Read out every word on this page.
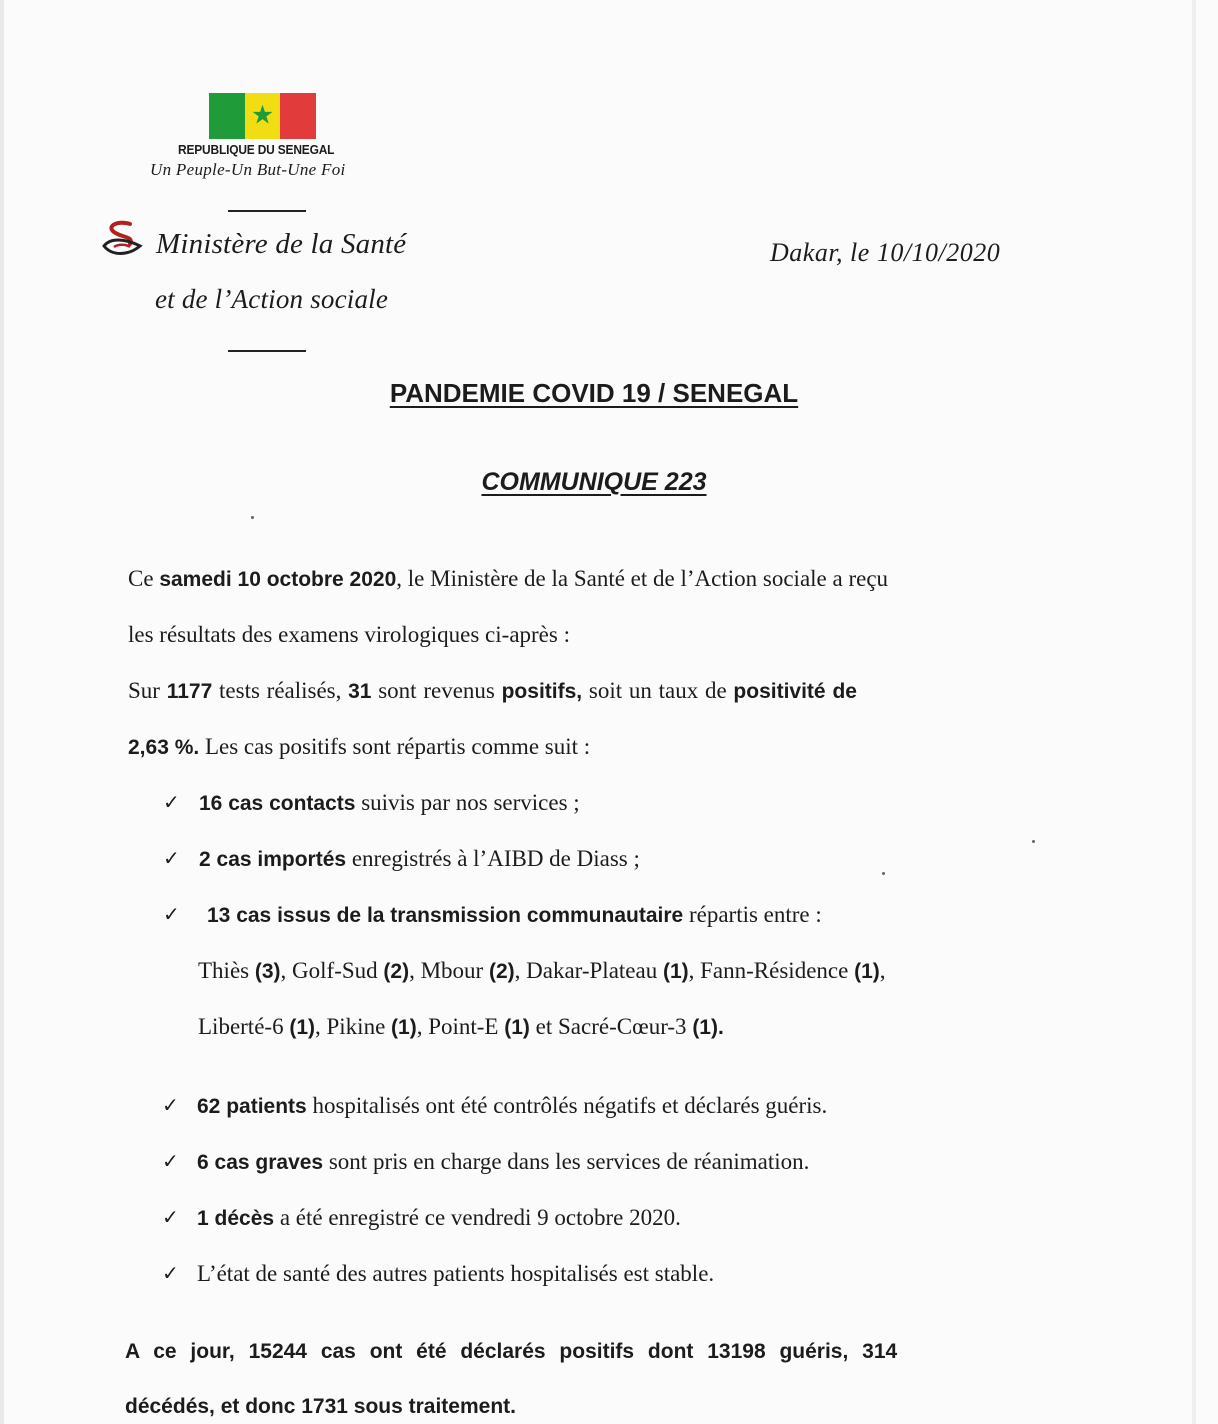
★
REPUBLIQUE DU SENEGAL
Un Peuple-Un But-Une Foi
Ministère de la Santé
et de l’Action sociale
Dakar, le 10/10/2020
PANDEMIE COVID 19 / SENEGAL
COMMUNIQUE 223
Ce samedi 10 octobre 2020, le Ministère de la Santé et de l’Action sociale a reçu
les résultats des examens virologiques ci-après :
Sur 1177 tests réalisés, 31 sont revenus positifs, soit un taux de positivité de
2,63 %. Les cas positifs sont répartis comme suit :
✓ 16 cas contacts suivis par nos services ;
✓ 2 cas importés enregistrés à l’AIBD de Diass ;
✓ 13 cas issus de la transmission communautaire répartis entre :
Thiès (3), Golf-Sud (2), Mbour (2), Dakar-Plateau (1), Fann-Résidence (1),
Liberté-6 (1), Pikine (1), Point-E (1) et Sacré-Cœur-3 (1).
✓ 62 patients hospitalisés ont été contrôlés négatifs et déclarés guéris.
✓ 6 cas graves sont pris en charge dans les services de réanimation.
✓ 1 décès a été enregistré ce vendredi 9 octobre 2020.
✓ L’état de santé des autres patients hospitalisés est stable.
A ce jour, 15244 cas ont été déclarés positifs dont 13198 guéris, 314
décédés, et donc 1731 sous traitement.
